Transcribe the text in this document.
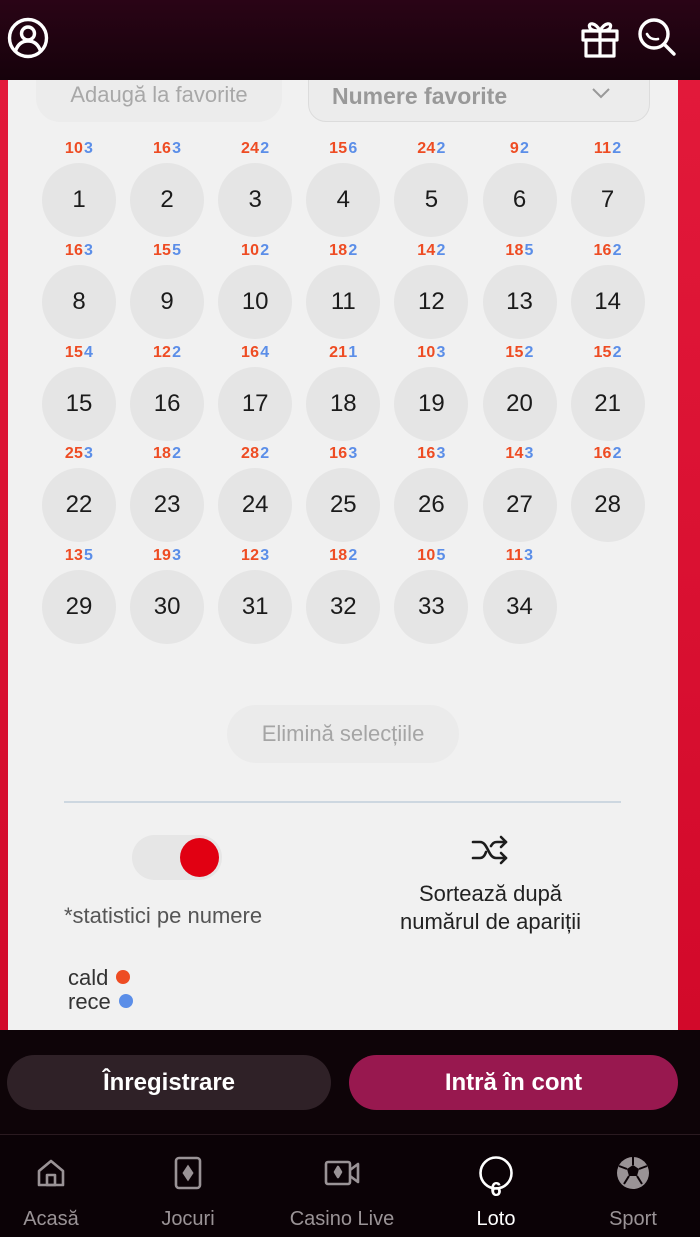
Adaugă la favorite	Numere favorite
103
1
163
2
242
3
156
4
242
5
92
6
112
7
163
8
155
9
102
10
182
11
142
12
185
13
162
14
154
15
122
16
164
17
211
18
103
19
152
20
152
21
253
22
182
23
282
24
163
25
163
26
143
27
162
28
135
29
193
30
123
31
182
32
105
33
113
34
Elimină selecțiile
*statistici pe numere
Sortează după
numărul de apariții
cald
rece
Înregistrare	Intră în cont
Acasă	Jocuri	Casino Live
6
Loto	Sport
